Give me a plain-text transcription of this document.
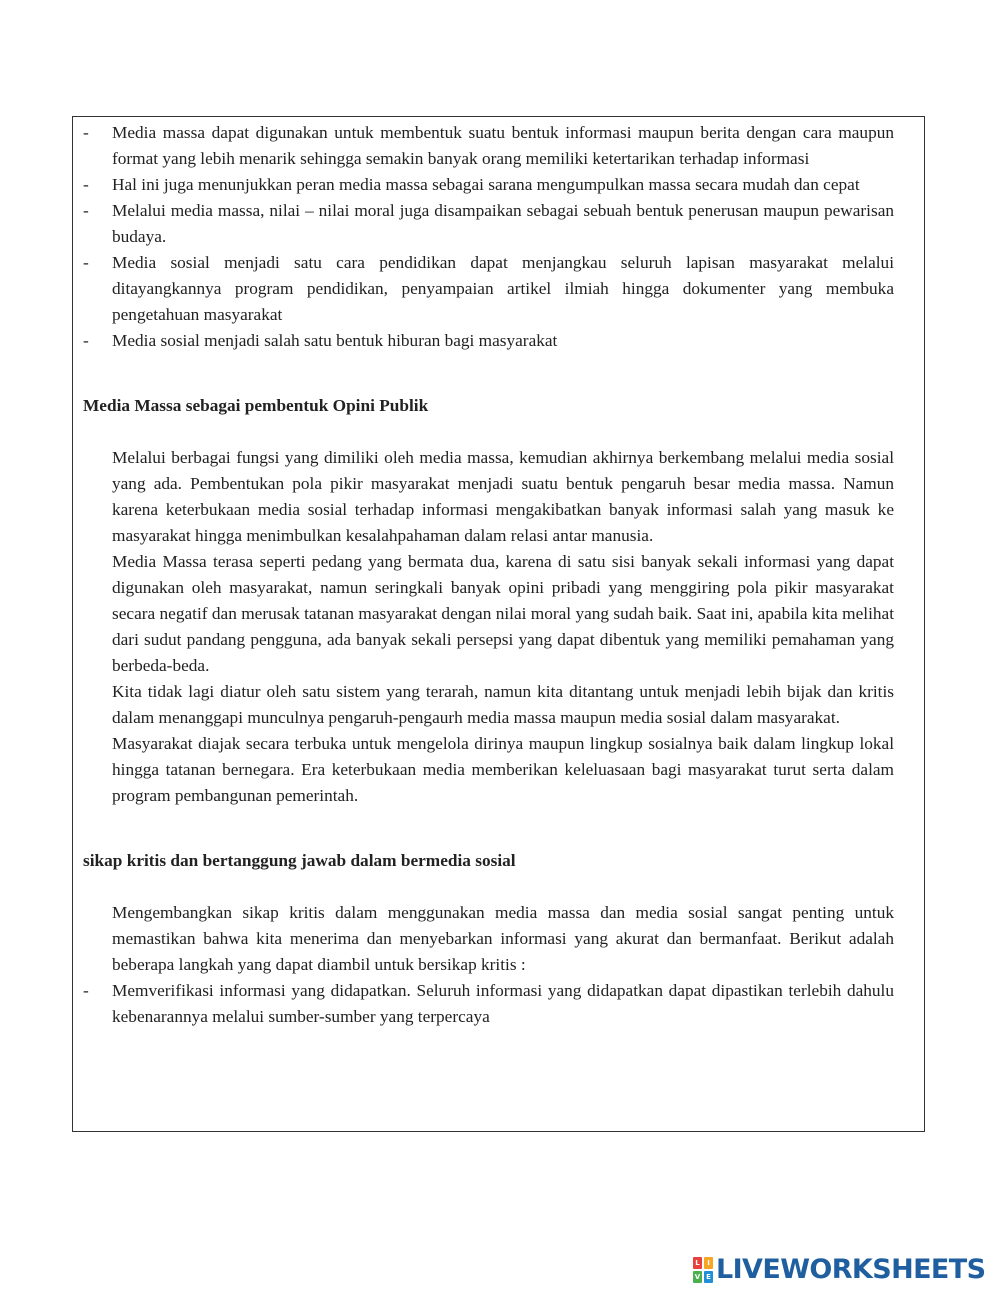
- Media massa dapat digunakan untuk membentuk suatu bentuk informasi maupun berita dengan cara maupun format yang lebih menarik sehingga semakin banyak orang memiliki ketertarikan terhadap informasi
- Hal ini juga menunjukkan peran media massa sebagai sarana mengumpulkan massa secara mudah dan cepat
- Melalui media massa, nilai – nilai moral juga disampaikan sebagai sebuah bentuk penerusan maupun pewarisan budaya.
- Media sosial menjadi satu cara pendidikan dapat menjangkau seluruh lapisan masyarakat melalui ditayangkannya program pendidikan, penyampaian artikel ilmiah hingga dokumenter yang membuka pengetahuan masyarakat
- Media sosial menjadi salah satu bentuk hiburan bagi masyarakat
Media Massa sebagai pembentuk Opini Publik
Melalui berbagai fungsi yang dimiliki oleh media massa, kemudian akhirnya berkembang melalui media sosial yang ada. Pembentukan pola pikir masyarakat menjadi suatu bentuk pengaruh besar media massa. Namun karena keterbukaan media sosial terhadap informasi mengakibatkan banyak informasi salah yang masuk ke masyarakat hingga menimbulkan kesalahpahaman dalam relasi antar manusia.
Media Massa terasa seperti pedang yang bermata dua, karena di satu sisi banyak sekali informasi yang dapat digunakan oleh masyarakat, namun seringkali banyak opini pribadi yang menggiring pola pikir masyarakat secara negatif dan merusak tatanan masyarakat dengan nilai moral yang sudah baik. Saat ini, apabila kita melihat dari sudut pandang pengguna, ada banyak sekali persepsi yang dapat dibentuk yang memiliki pemahaman yang berbeda-beda.
Kita tidak lagi diatur oleh satu sistem yang terarah, namun kita ditantang untuk menjadi lebih bijak dan kritis dalam menanggapi munculnya pengaruh-pengaurh media massa maupun media sosial dalam masyarakat.
Masyarakat diajak secara terbuka untuk mengelola dirinya maupun lingkup sosialnya baik dalam lingkup lokal hingga tatanan bernegara. Era keterbukaan media memberikan keleluasaan bagi masyarakat turut serta dalam program pembangunan pemerintah.
sikap kritis dan bertanggung jawab dalam bermedia sosial
Mengembangkan sikap kritis dalam menggunakan media massa dan media sosial sangat penting untuk memastikan bahwa kita menerima dan menyebarkan informasi yang akurat dan bermanfaat. Berikut adalah beberapa langkah yang dapat diambil untuk bersikap kritis :
- Memverifikasi informasi yang didapatkan. Seluruh informasi yang didapatkan dapat dipastikan terlebih dahulu kebenarannya melalui sumber-sumber yang terpercaya
L	I
V E LIVEWORKSHEETS
